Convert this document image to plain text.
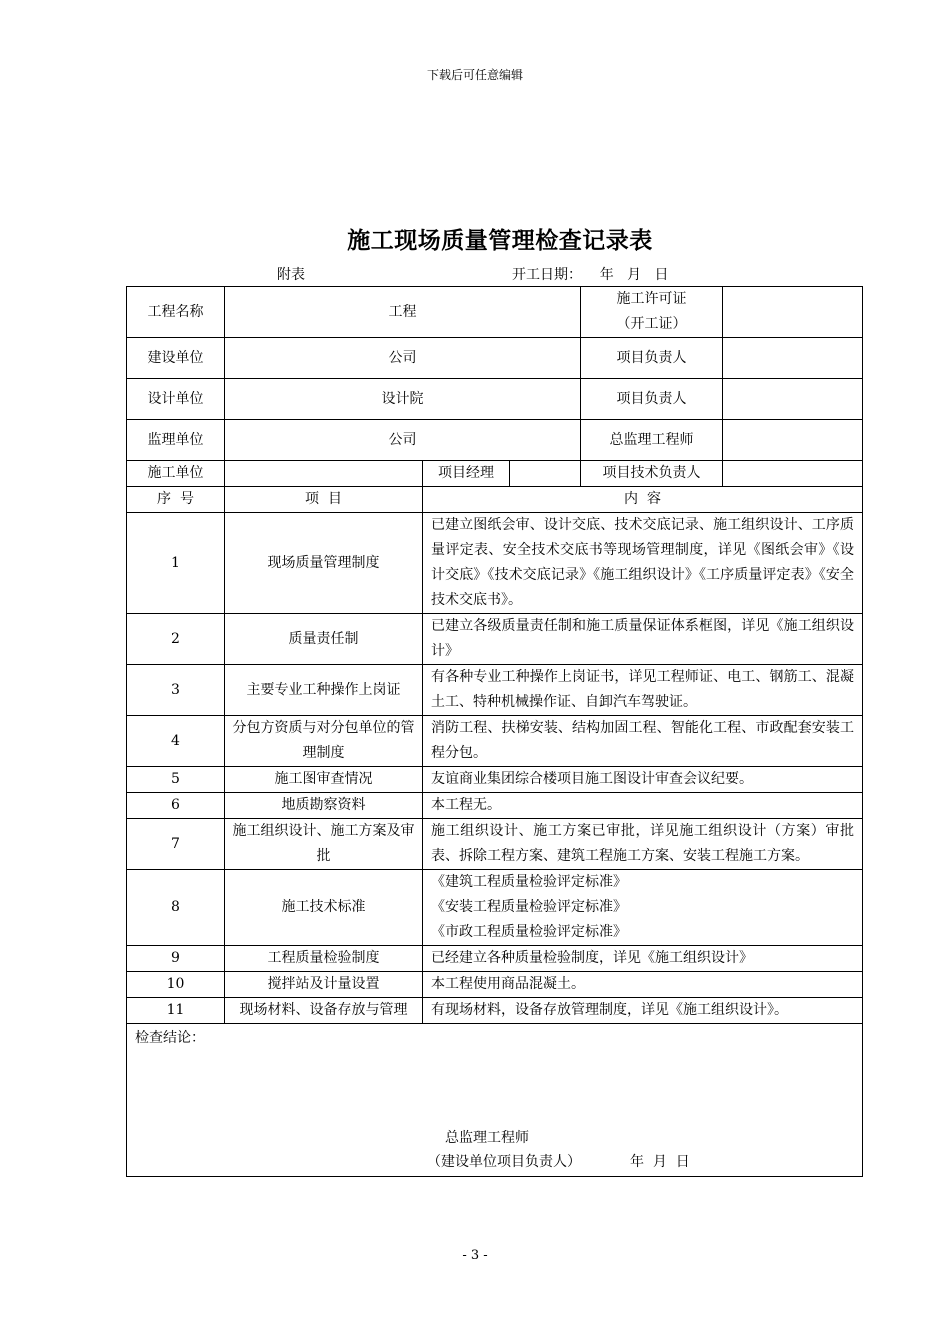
下载后可任意编辑
施工现场质量管理检查记录表
附表	开工日期：    年   月   日
工程名称	工程			施工许可证
（开工证）	

建设单位	公司			项目负责人	
设计单位	设计院			项目负责人	
监理单位	公司			总监理工程师	
施工单位		项目经理		项目技术负责人	
序  号	项  目	内  容			
1	现场质量管理制度	已建立图纸会审、设计交底、技术交底记录、施工组织设计、工序质量评定表、安全技术交底书等现场管理制度，详见《图纸会审》《设计交底》《技术交底记录》《施工组织设计》《工序质量评定表》《安全技术交底书》。			
2	质量责任制	已建立各级质量责任制和施工质量保证体系框图，详见《施工组织设计》			
3	主要专业工种操作上岗证	有各种专业工种操作上岗证书，详见工程师证、电工、钢筋工、混凝土工、特种机械操作证、自卸汽车驾驶证。			
4	分包方资质与对分包单位的管理制度	消防工程、扶梯安装、结构加固工程、智能化工程、市政配套安装工程分包。			
5	施工图审查情况	友谊商业集团综合楼项目施工图设计审查会议纪要。			
6	地质勘察资料	本工程无。			
7	施工组织设计、施工方案及审批	施工组织设计、施工方案已审批，详见施工组织设计（方案）审批表、拆除工程方案、建筑工程施工方案、安装工程施工方案。			
8	施工技术标准	《建筑工程质量检验评定标准》
《安装工程质量检验评定标准》
《市政工程质量检验评定标准》			

9	工程质量检验制度	已经建立各种质量检验制度，详见《施工组织设计》			
10	搅拌站及计量设置	本工程使用商品混凝土。			
11	现场材料、设备存放与管理	有现场材料，设备存放管理制度，详见《施工组织设计》。			

检查结论：
总监理工程师
（建设单位项目负责人）           年  月  日					
- 3 -
